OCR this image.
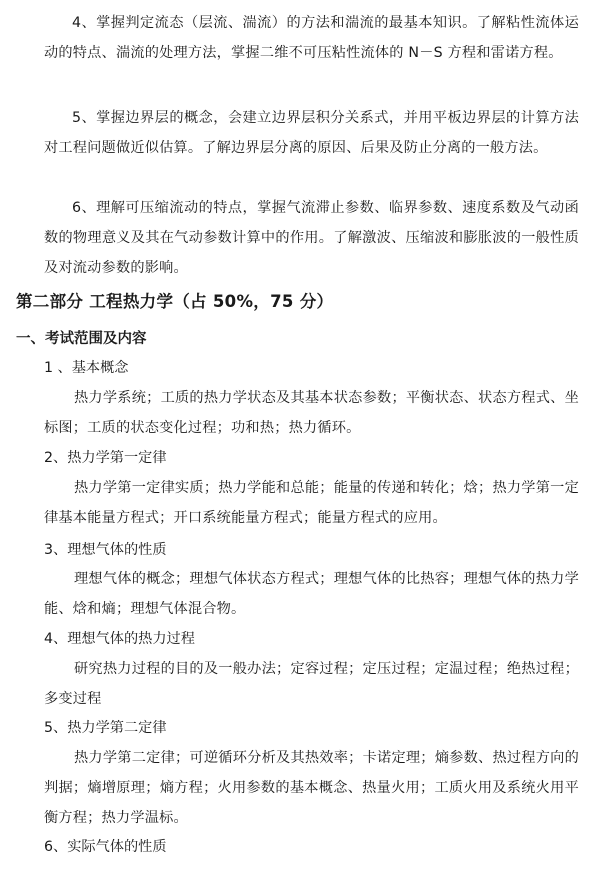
4、掌握判定流态（层流、湍流）的方法和湍流的最基本知识。了解粘性流体运动的特点、湍流的处理方法，掌握二维不可压粘性流体的 N－S 方程和雷诺方程。
5、掌握边界层的概念，会建立边界层积分关系式，并用平板边界层的计算方法对工程问题做近似估算。了解边界层分离的原因、后果及防止分离的一般方法。
6、理解可压缩流动的特点，掌握气流滞止参数、临界参数、速度系数及气动函数的物理意义及其在气动参数计算中的作用。了解激波、压缩波和膨胀波的一般性质及对流动参数的影响。
第二部分 工程热力学（占 50%，75 分）
一、考试范围及内容
1 、基本概念
热力学系统；工质的热力学状态及其基本状态参数；平衡状态、状态方程式、坐标图；工质的状态变化过程；功和热；热力循环。
2、热力学第一定律
热力学第一定律实质；热力学能和总能；能量的传递和转化；焓；热力学第一定律基本能量方程式；开口系统能量方程式；能量方程式的应用。
3、理想气体的性质
理想气体的概念；理想气体状态方程式；理想气体的比热容；理想气体的热力学能、焓和熵；理想气体混合物。
4、理想气体的热力过程
研究热力过程的目的及一般办法；定容过程；定压过程；定温过程；绝热过程；多变过程
5、热力学第二定律
热力学第二定律；可逆循环分析及其热效率；卡诺定理；熵参数、热过程方向的判据；熵增原理；熵方程；火用参数的基本概念、热量火用；工质火用及系统火用平衡方程；热力学温标。
6、实际气体的性质
